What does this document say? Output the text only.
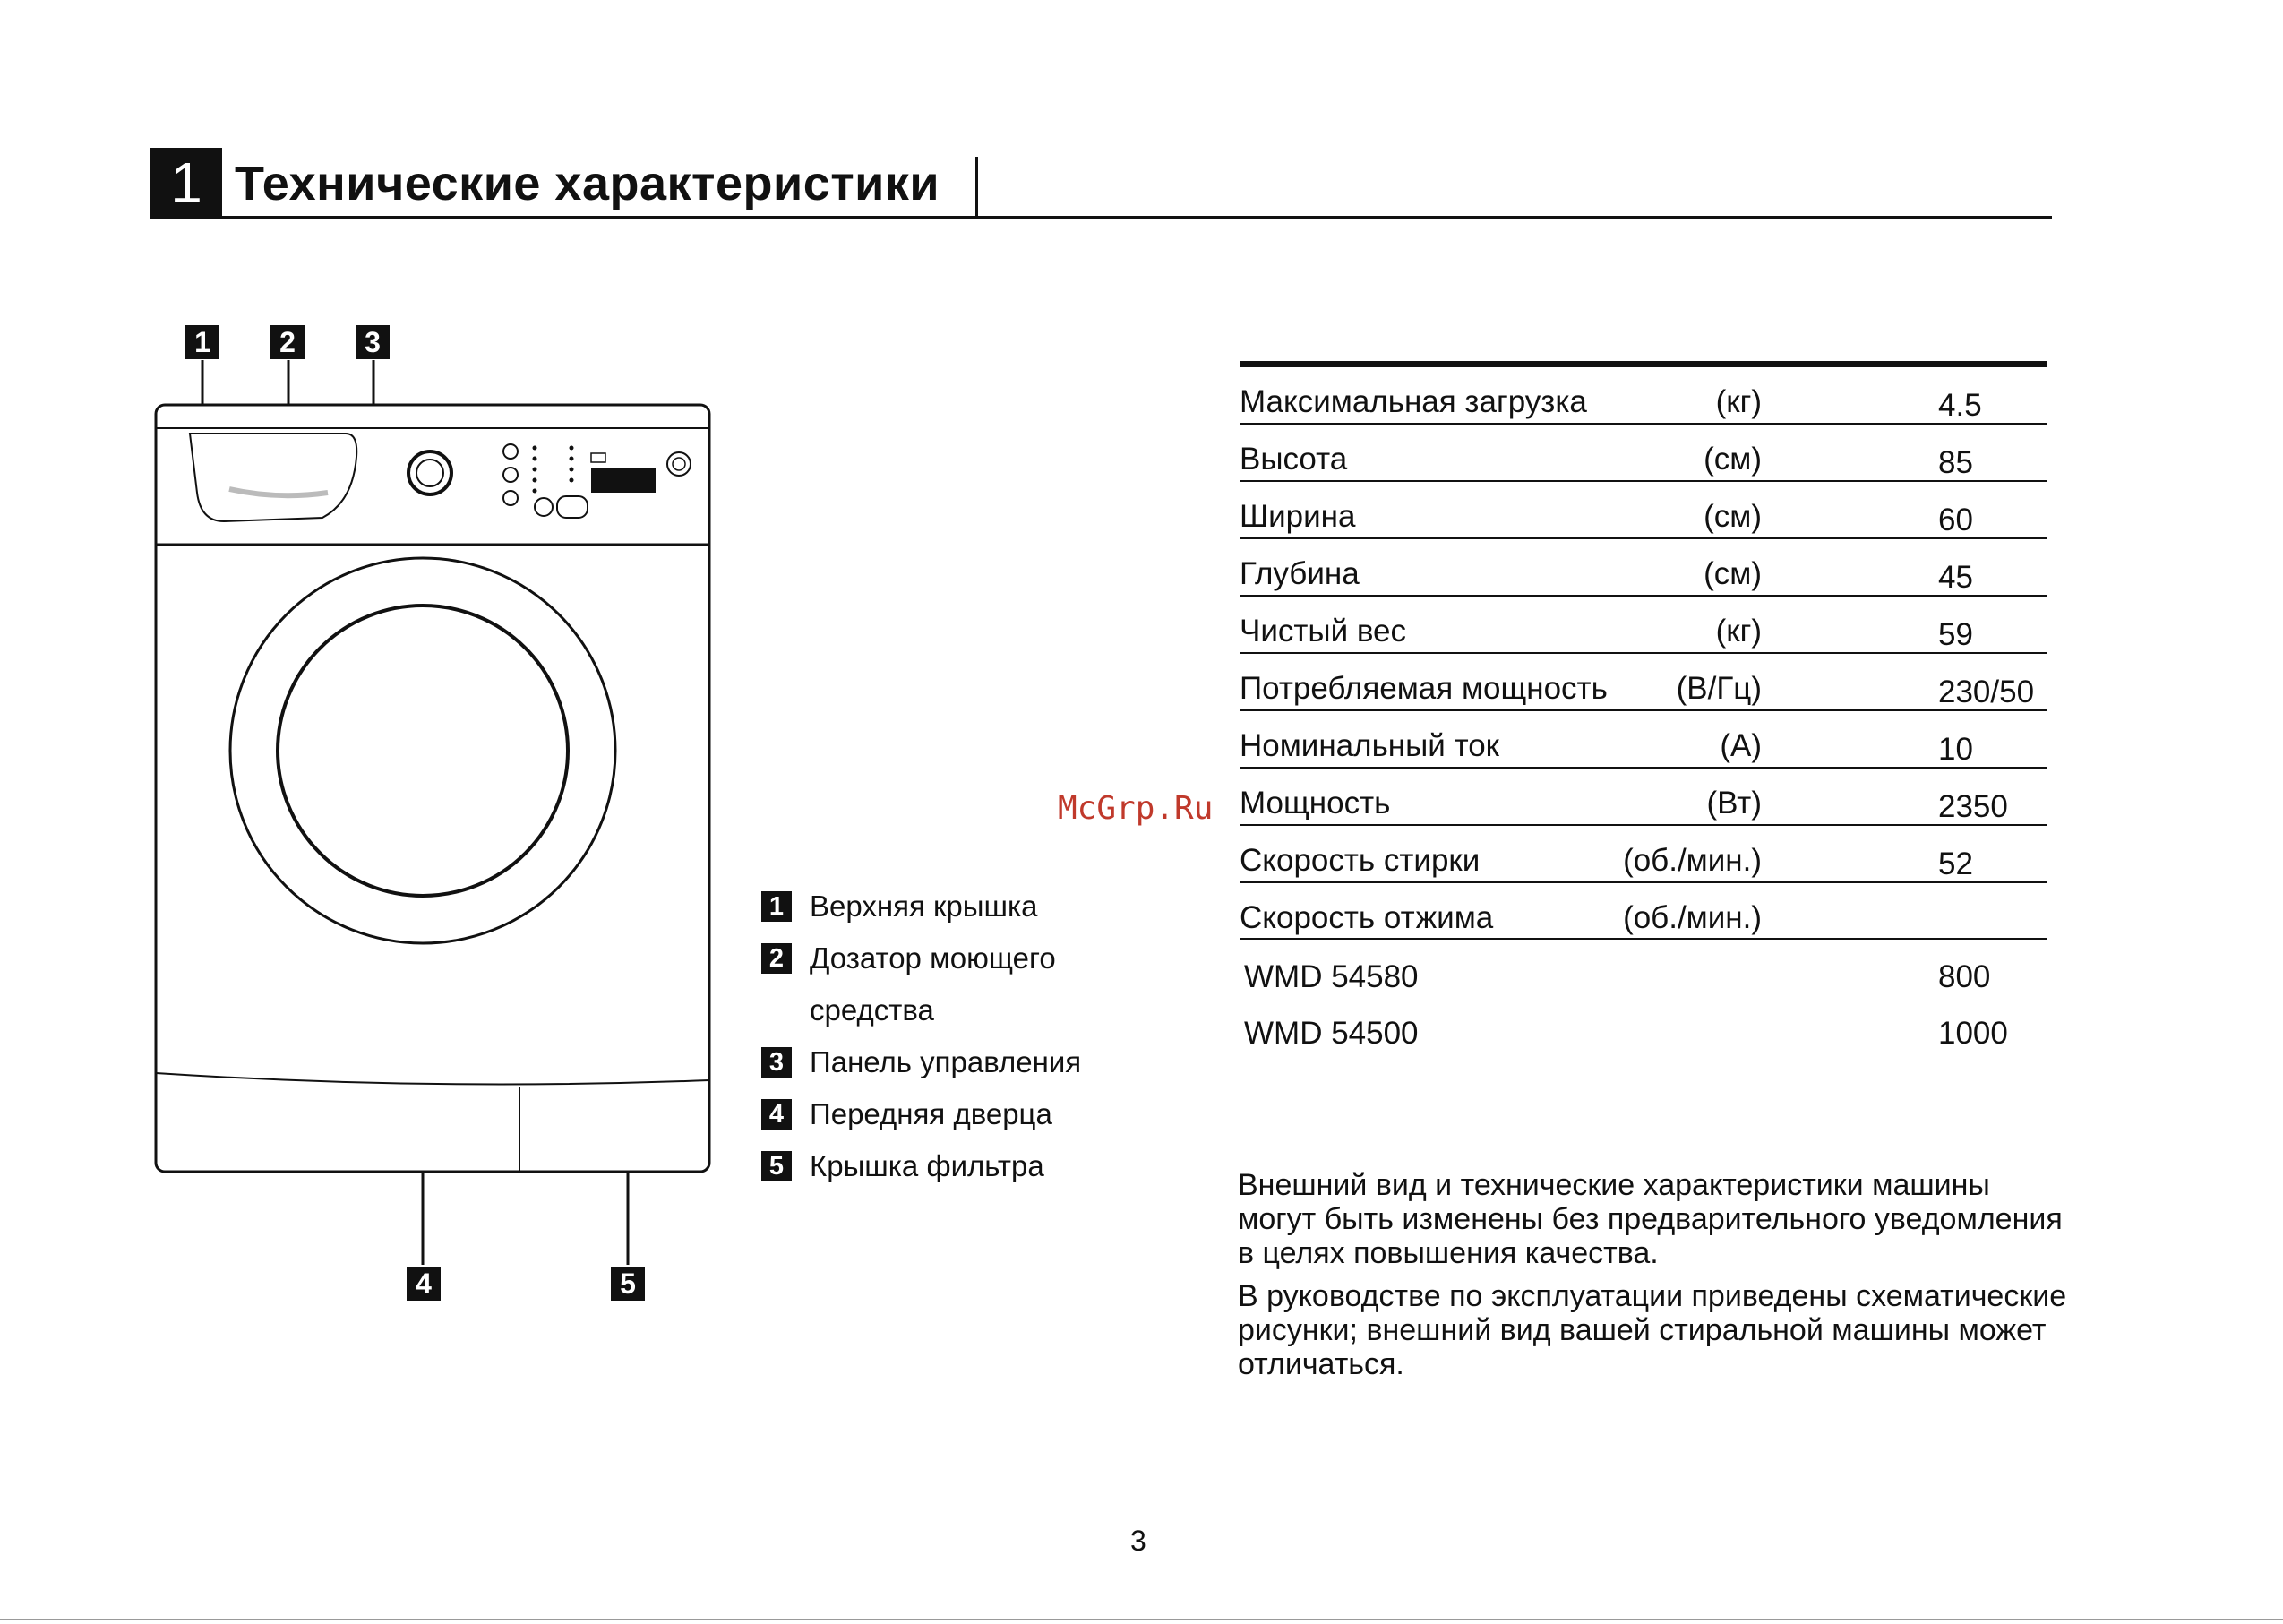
1 Технические характеристики
1	2	3
4	5
1 Верхняя крышка
2 Дозатор моющего
средства
3 Панель управления
4 Передняя дверца
5 Крышка фильтра
Максимальная загрузка	(кг)	4.5
Высота	(см)	85
Ширина	(см)	60
Глубина	(см)	45
Чистый вес	(кг)	59
Потребляемая мощность (В/Гц)	230/50
Номинальный ток	(А)	10
Мощность	(Вт)	2350
Скорость стирки	(об./мин.)	52
Скорость отжима	(об./мин.)
WMD 54580	800
WMD 54500	1000
McGrp.Ru
Внешний вид и технические характеристики машины
могут быть изменены без предварительного уведомления
в целях повышения качества.
В руководстве по эксплуатации приведены схематические
рисунки; внешний вид вашей стиральной машины может
отличаться.
3
